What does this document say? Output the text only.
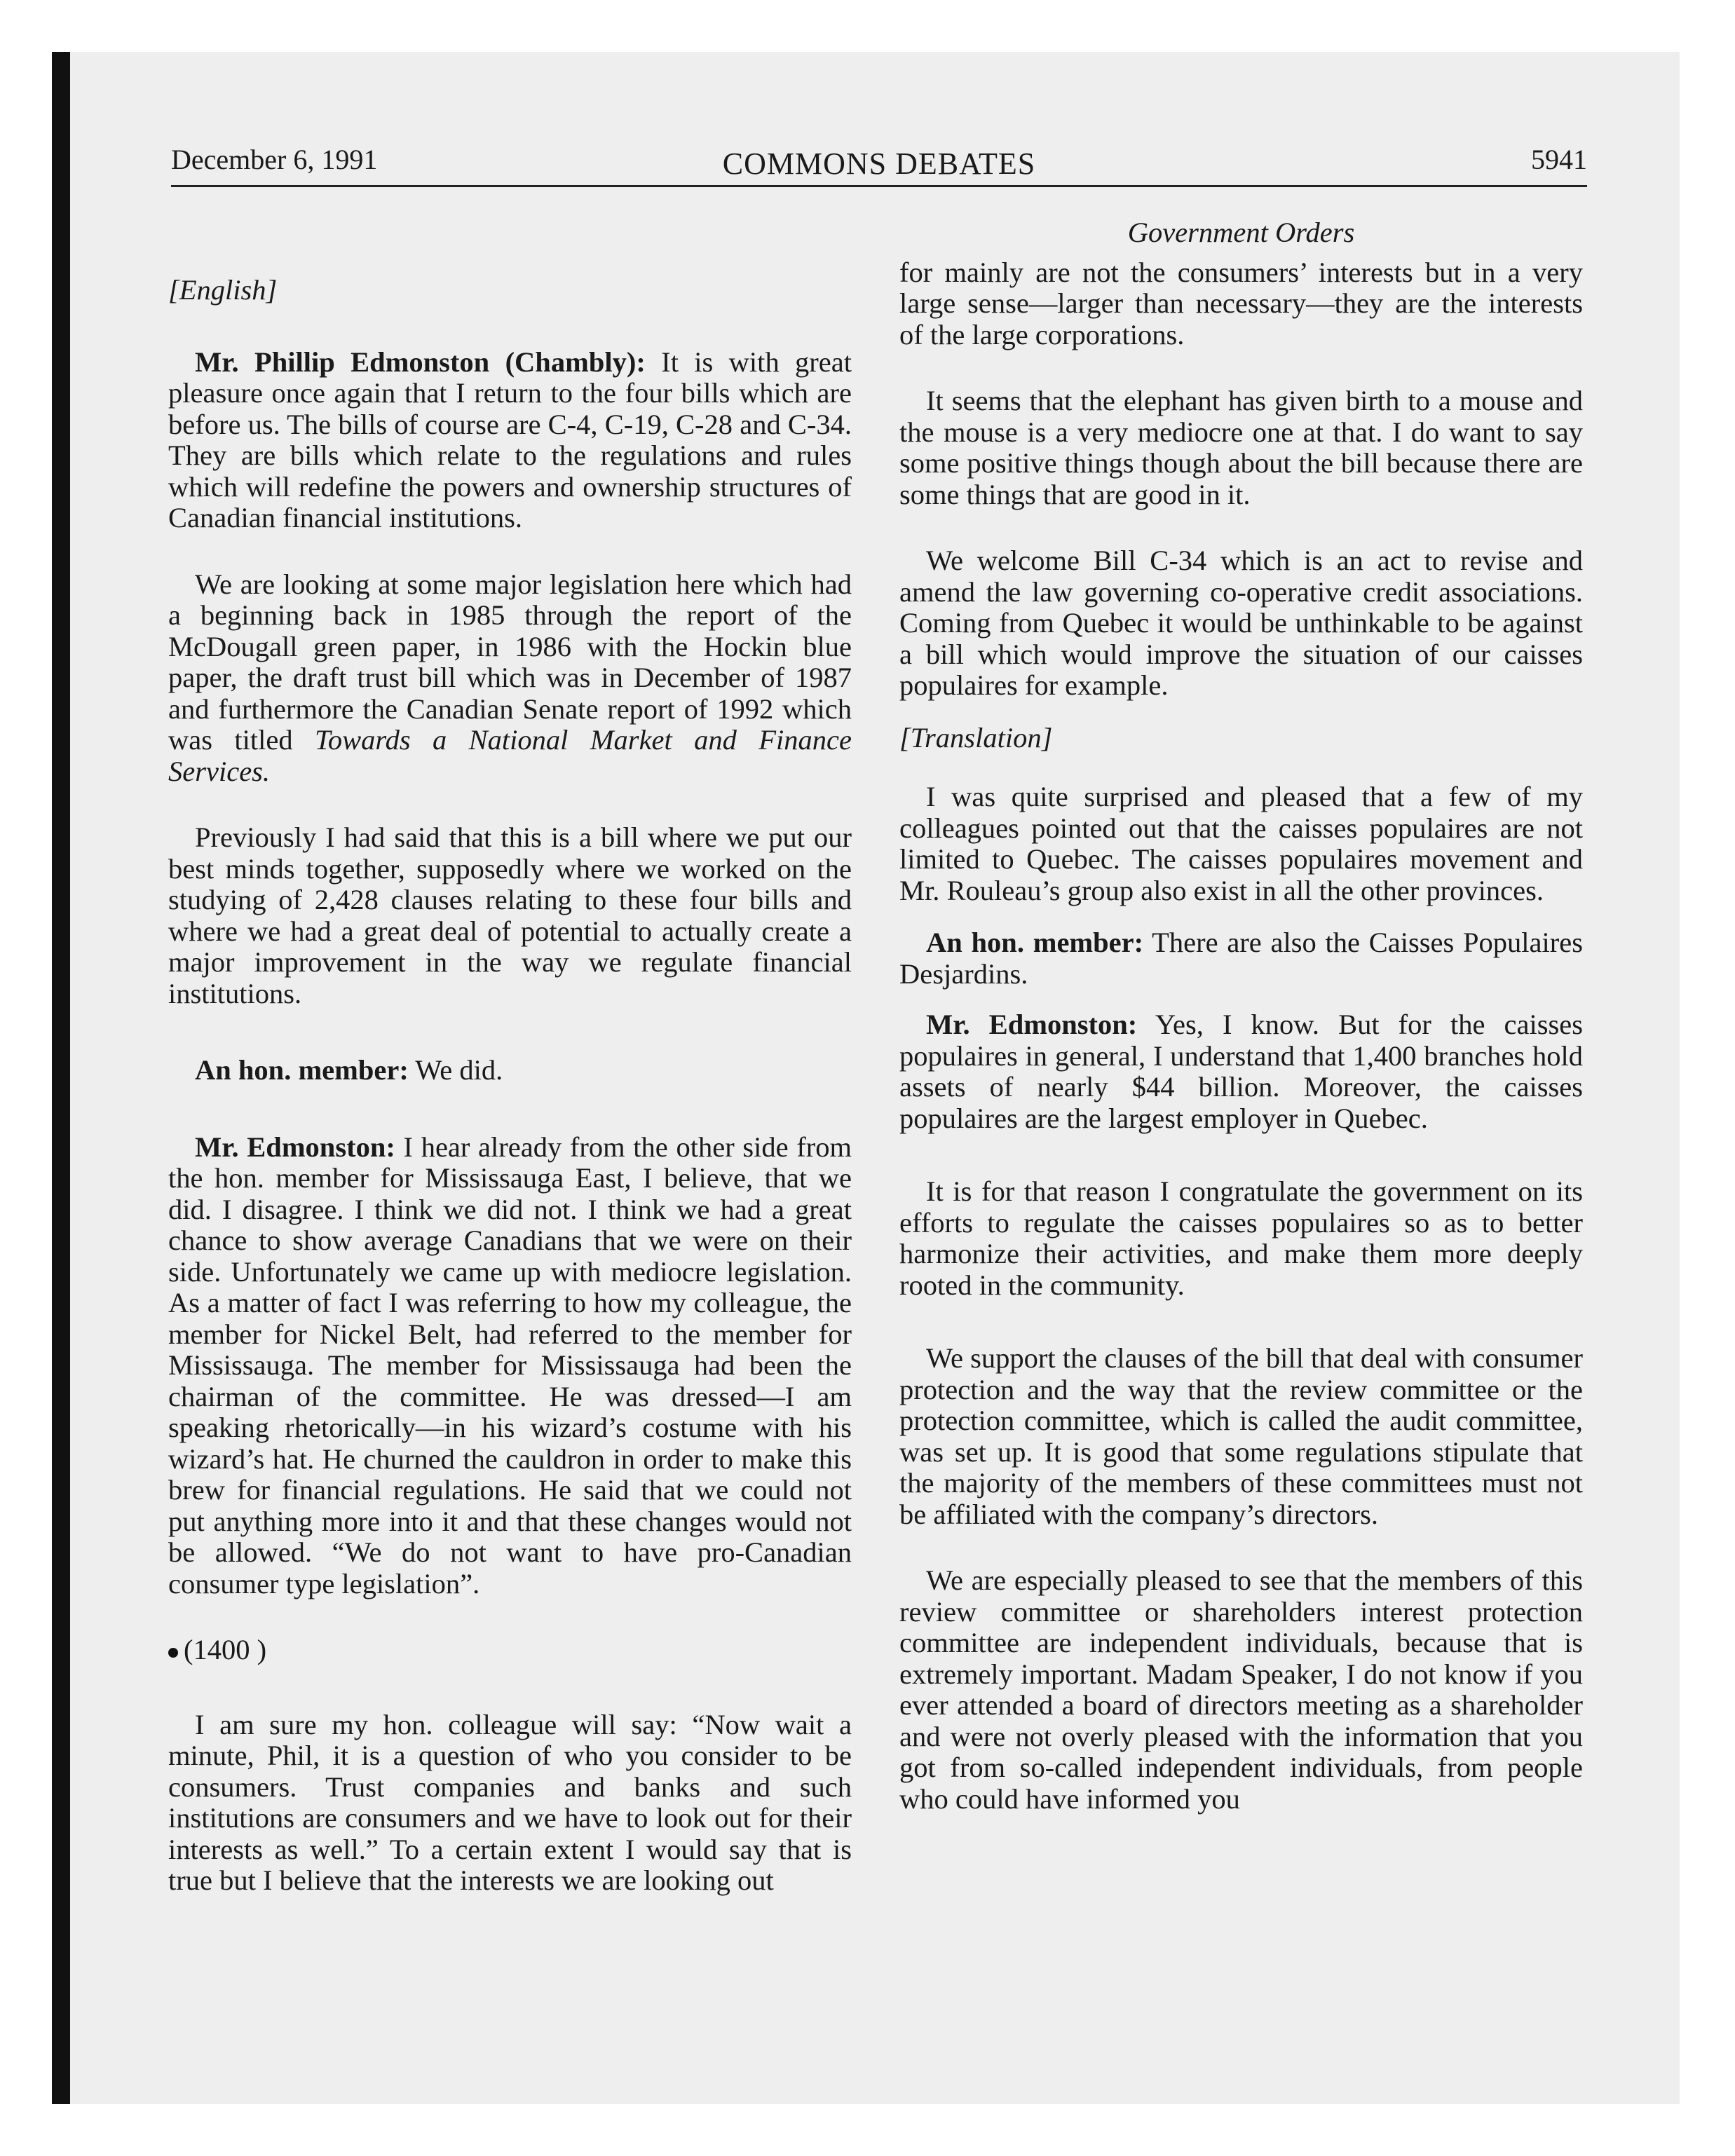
December 6, 1991	COMMONS DEBATES	5941

[English]

Mr. Phillip Edmonston (Chambly): It is with great pleasure once again that I return to the four bills which are before us. The bills of course are C-4, C-19, C-28 and C-34. They are bills which relate to the regulations and rules which will redefine the powers and ownership structures of Canadian financial institutions.

We are looking at some major legislation here which had a beginning back in 1985 through the report of the McDougall green paper, in 1986 with the Hockin blue paper, the draft trust bill which was in December of 1987 and furthermore the Canadian Senate report of 1992 which was titled Towards a National Market and Finance Services.

Previously I had said that this is a bill where we put our best minds together, supposedly where we worked on the studying of 2,428 clauses relating to these four bills and where we had a great deal of potential to actually create a major improvement in the way we regulate financial institutions.

An hon. member: We did.

Mr. Edmonston: I hear already from the other side from the hon. member for Mississauga East, I believe, that we did. I disagree. I think we did not. I think we had a great chance to show average Canadians that we were on their side. Unfortunately we came up with mediocre legislation. As a matter of fact I was referring to how my colleague, the member for Nickel Belt, had referred to the member for Mississauga. The member for Mississauga had been the chairman of the committee. He was dressed—I am speaking rhetorically—in his wizard’s costume with his wizard’s hat. He churned the cauldron in order to make this brew for financial regulations. He said that we could not put anything more into it and that these changes would not be allowed. “We do not want to have pro-Canadian consumer type legislation”.

(1400 )

I am sure my hon. colleague will say: “Now wait a minute, Phil, it is a question of who you consider to be consumers. Trust companies and banks and such institutions are consumers and we have to look out for their interests as well.” To a certain extent I would say that is true but I believe that the interests we are looking out

Government Orders

for mainly are not the consumers’ interests but in a very large sense—larger than necessary—they are the interests of the large corporations.

It seems that the elephant has given birth to a mouse and the mouse is a very mediocre one at that. I do want to say some positive things though about the bill because there are some things that are good in it.

We welcome Bill C-34 which is an act to revise and amend the law governing co-operative credit associations. Coming from Quebec it would be unthinkable to be against a bill which would improve the situation of our caisses populaires for example.

[Translation]

I was quite surprised and pleased that a few of my colleagues pointed out that the caisses populaires are not limited to Quebec. The caisses populaires movement and Mr. Rouleau’s group also exist in all the other provinces.

An hon. member: There are also the Caisses Populaires Desjardins.

Mr. Edmonston: Yes, I know. But for the caisses populaires in general, I understand that 1,400 branches hold assets of nearly $44 billion. Moreover, the caisses populaires are the largest employer in Quebec.

It is for that reason I congratulate the government on its efforts to regulate the caisses populaires so as to better harmonize their activities, and make them more deeply rooted in the community.

We support the clauses of the bill that deal with consumer protection and the way that the review committee or the protection committee, which is called the audit committee, was set up. It is good that some regulations stipulate that the majority of the members of these committees must not be affiliated with the company’s directors.

We are especially pleased to see that the members of this review committee or shareholders interest protection committee are independent individuals, because that is extremely important. Madam Speaker, I do not know if you ever attended a board of directors meeting as a shareholder and were not overly pleased with the information that you got from so-called independent individuals, from people who could have informed you
